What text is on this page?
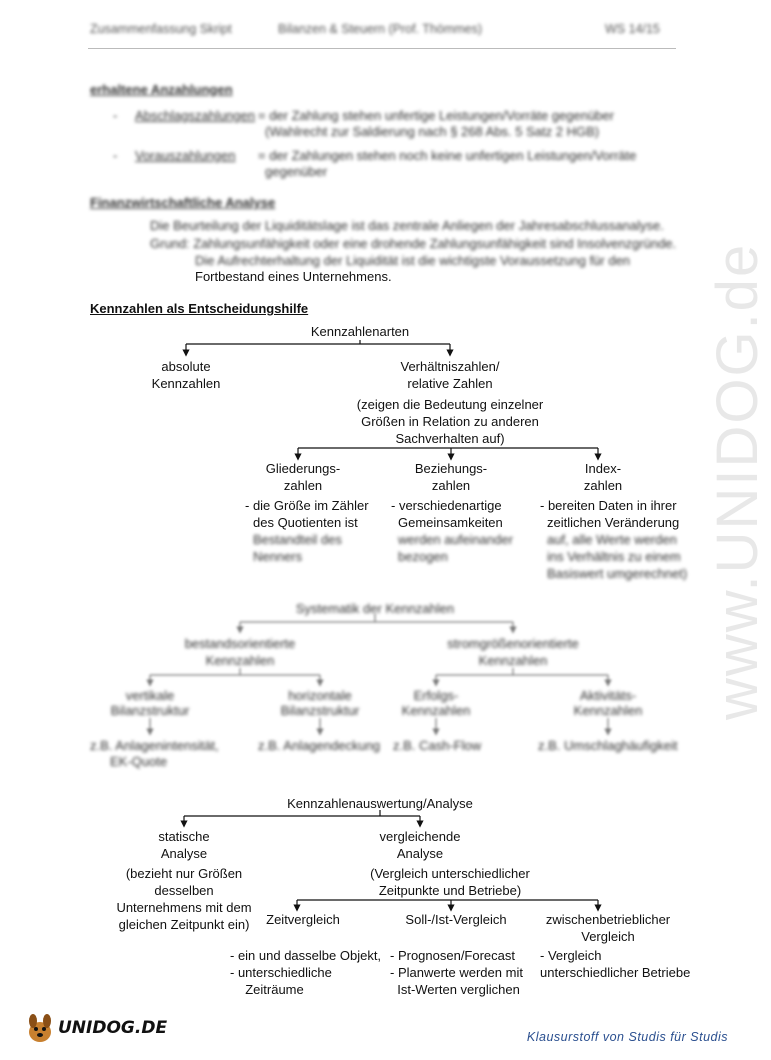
Zusammenfassung Skript	Bilanzen & Steuern (Prof. Thömmes)	WS 14/15
www.UNIDOG.de
erhaltene Anzahlungen
- Abschlagszahlungen = der Zahlung stehen unfertige Leistungen/Vorräte gegenüber
(Wahlrecht zur Saldierung nach § 268 Abs. 5 Satz 2 HGB)
- Vorauszahlungen = der Zahlungen stehen noch keine unfertigen Leistungen/Vorräte
gegenüber
Finanzwirtschaftliche Analyse
Die Beurteilung der Liquiditätslage ist das zentrale Anliegen der Jahresabschlussanalyse.
Grund: Zahlungsunfähigkeit oder eine drohende Zahlungsunfähigkeit sind Insolvenzgründe.
Die Aufrechterhaltung der Liquidität ist die wichtigste Voraussetzung für den
Fortbestand eines Unternehmens.
Kennzahlen als Entscheidungshilfe
Kennzahlenarten
absolute
Kennzahlen
Verhältniszahlen/
relative Zahlen
(zeigen die Bedeutung einzelner
Größen in Relation zu anderen
Sachverhalten auf)
Gliederungs-
zahlen
- die Größe im Zähler
des Quotienten ist
Bestandteil des
Nenners
Beziehungs-
zahlen
- verschiedenartige
Gemeinsamkeiten
werden aufeinander
bezogen
Index-
zahlen
- bereiten Daten in ihrer
zeitlichen Veränderung
auf, alle Werte werden
ins Verhältnis zu einem
Basiswert umgerechnet)
Systematik der Kennzahlen
bestandsorientierte
Kennzahlen
stromgrößenorientierte
Kennzahlen
vertikale
Bilanzstruktur
z.B. Anlagenintensität,
EK-Quote
horizontale
Bilanzstruktur
z.B. Anlagendeckung
Erfolgs-
Kennzahlen
z.B. Cash-Flow
Aktivitäts-
Kennzahlen
z.B. Umschlaghäufigkeit
Kennzahlenauswertung/Analyse
statische
Analyse
(bezieht nur Größen
desselben
Unternehmens mit dem
gleichen Zeitpunkt ein)
vergleichende
Analyse
(Vergleich unterschiedlicher
Zeitpunkte und Betriebe)
Zeitvergleich
- ein und dasselbe Objekt,
- unterschiedliche
Zeiträume
Soll-/Ist-Vergleich
- Prognosen/Forecast
- Planwerte werden mit
Ist-Werten verglichen
zwischenbetrieblicher
Vergleich
- Vergleich
unterschiedlicher Betriebe
UNIDOG.DE	Klausurstoff von Studis für Studis
